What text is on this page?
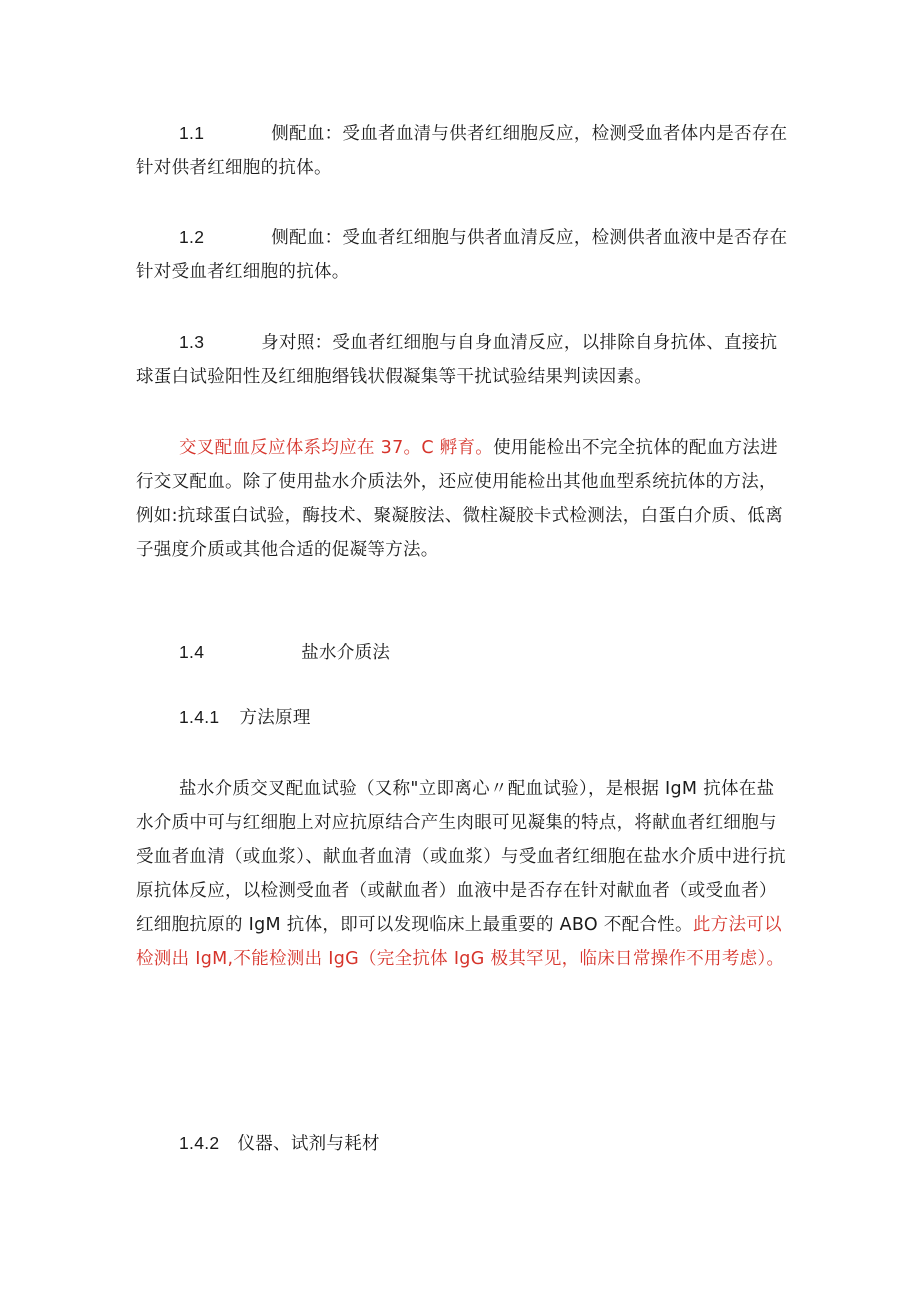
1.1	侧配血：受血者血清与供者红细胞反应，检测受血者体内是否存在针对供者红细胞的抗体。

1.2	侧配血：受血者红细胞与供者血清反应，检测供者血液中是否存在针对受血者红细胞的抗体。

1.3	身对照：受血者红细胞与自身血清反应，以排除自身抗体、直接抗球蛋白试验阳性及红细胞缗钱状假凝集等干扰试验结果判读因素。

交叉配血反应体系均应在 37。C 孵育。使用能检出不完全抗体的配血方法进行交叉配血。除了使用盐水介质法外，还应使用能检出其他血型系统抗体的方法，例如:抗球蛋白试验，酶技术、聚凝胺法、微柱凝胶卡式检测法，白蛋白介质、低离子强度介质或其他合适的促凝等方法。

1.4	盐水介质法

1.4.1 方法原理

盐水介质交叉配血试验（又称"立即离心〃配血试验），是根据 IgM 抗体在盐水介质中可与红细胞上对应抗原结合产生肉眼可见凝集的特点，将献血者红细胞与受血者血清（或血浆）、献血者血清（或血浆）与受血者红细胞在盐水介质中进行抗原抗体反应，以检测受血者（或献血者）血液中是否存在针对献血者（或受血者）红细胞抗原的 IgM 抗体，即可以发现临床上最重要的 ABO 不配合性。此方法可以检测出 IgM,不能检测出 IgG（完全抗体 IgG 极其罕见，临床日常操作不用考虑）。

1.4.2 仪器、试剂与耗材
